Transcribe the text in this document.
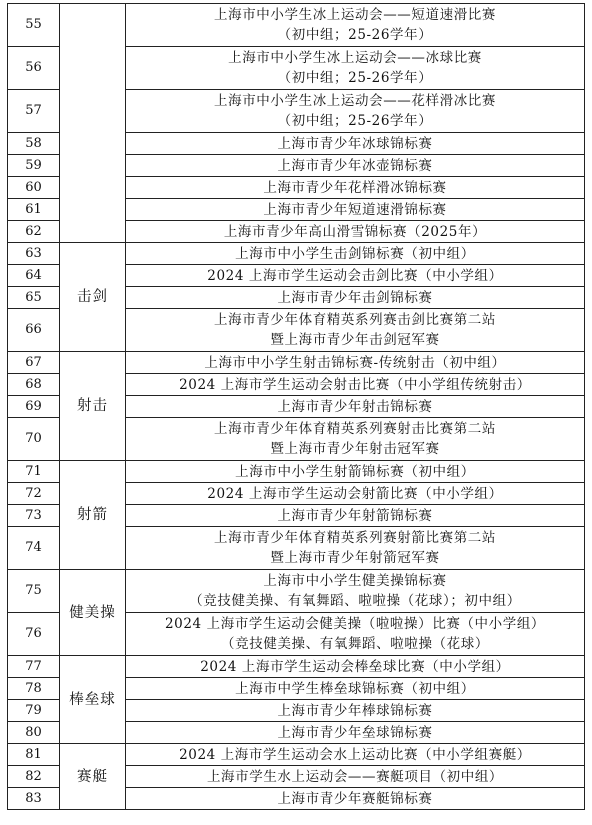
55		上海市中小学生冰上运动会——短道速滑比赛
（初中组；25-26学年）

56		上海市中小学生冰上运动会——冰球比赛
（初中组；25-26学年）

57		上海市中小学生冰上运动会——花样滑冰比赛
（初中组；25-26学年）

58		上海市青少年冰球锦标赛

59		上海市青少年冰壶锦标赛

60		上海市青少年花样滑冰锦标赛

61		上海市青少年短道速滑锦标赛

62		上海市青少年高山滑雪锦标赛（2025年）

63	击剑	上海市中小学生击剑锦标赛（初中组）

64		2024 上海市学生运动会击剑比赛（中小学组）

65		上海市青少年击剑锦标赛

66		上海市青少年体育精英系列赛击剑比赛第二站
暨上海市青少年击剑冠军赛

67	射击	上海市中小学生射击锦标赛-传统射击（初中组）

68		2024 上海市学生运动会射击比赛（中小学组传统射击）

69		上海市青少年射击锦标赛

70		上海市青少年体育精英系列赛射击比赛第二站
暨上海市青少年射击冠军赛

71	射箭	上海市中小学生射箭锦标赛（初中组）

72		2024 上海市学生运动会射箭比赛（中小学组）

73		上海市青少年射箭锦标赛

74		上海市青少年体育精英系列赛射箭比赛第二站
暨上海市青少年射箭冠军赛

75	健美操	上海市中小学生健美操锦标赛
（竞技健美操、有氧舞蹈、啦啦操（花球）；初中组）

76		2024 上海市学生运动会健美操（啦啦操）比赛（中小学组）
（竞技健美操、有氧舞蹈、啦啦操（花球）

77	棒垒球	2024 上海市学生运动会棒垒球比赛（中小学组）

78		上海市中学生棒垒球锦标赛（初中组）

79		上海市青少年棒球锦标赛

80		上海市青少年垒球锦标赛

81	赛艇	2024 上海市学生运动会水上运动比赛（中小学组赛艇）

82		上海市学生水上运动会——赛艇项目（初中组）

83		上海市青少年赛艇锦标赛
